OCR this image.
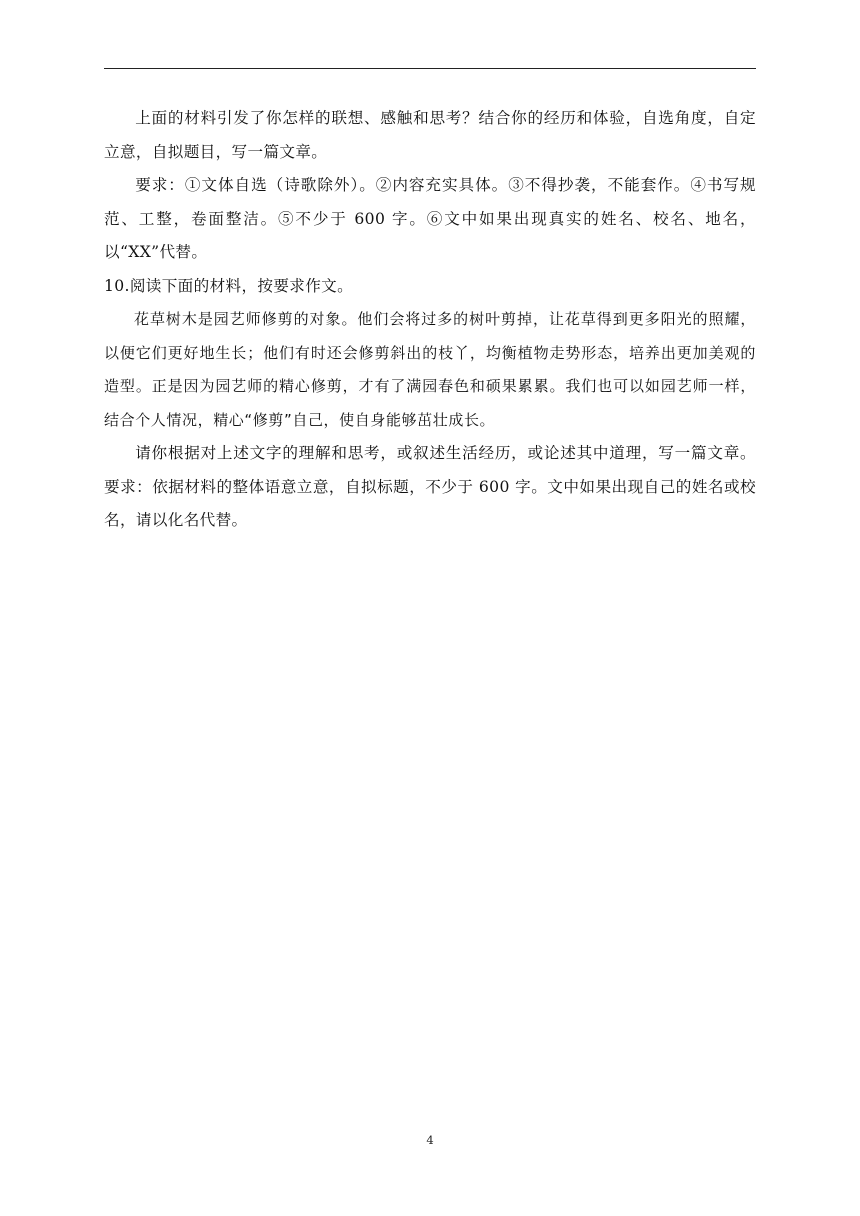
上面的材料引发了你怎样的联想、感触和思考？结合你的经历和体验，自选角度，自定立意，自拟题目，写一篇文章。

要求：①文体自选（诗歌除外）。②内容充实具体。③不得抄袭，不能套作。④书写规范、工整，卷面整洁。⑤不少于 600 字。⑥文中如果出现真实的姓名、校名、地名，以“XX”代替。

10.阅读下面的材料，按要求作文。

花草树木是园艺师修剪的对象。他们会将过多的树叶剪掉，让花草得到更多阳光的照耀，以便它们更好地生长；他们有时还会修剪斜出的枝丫，均衡植物走势形态，培养出更加美观的造型。正是因为园艺师的精心修剪，才有了满园春色和硕果累累。我们也可以如园艺师一样，结合个人情况，精心“修剪”自己，使自身能够茁壮成长。

请你根据对上述文字的理解和思考，或叙述生活经历，或论述其中道理，写一篇文章。要求：依据材料的整体语意立意，自拟标题，不少于 600 字。文中如果出现自己的姓名或校名，请以化名代替。

4
